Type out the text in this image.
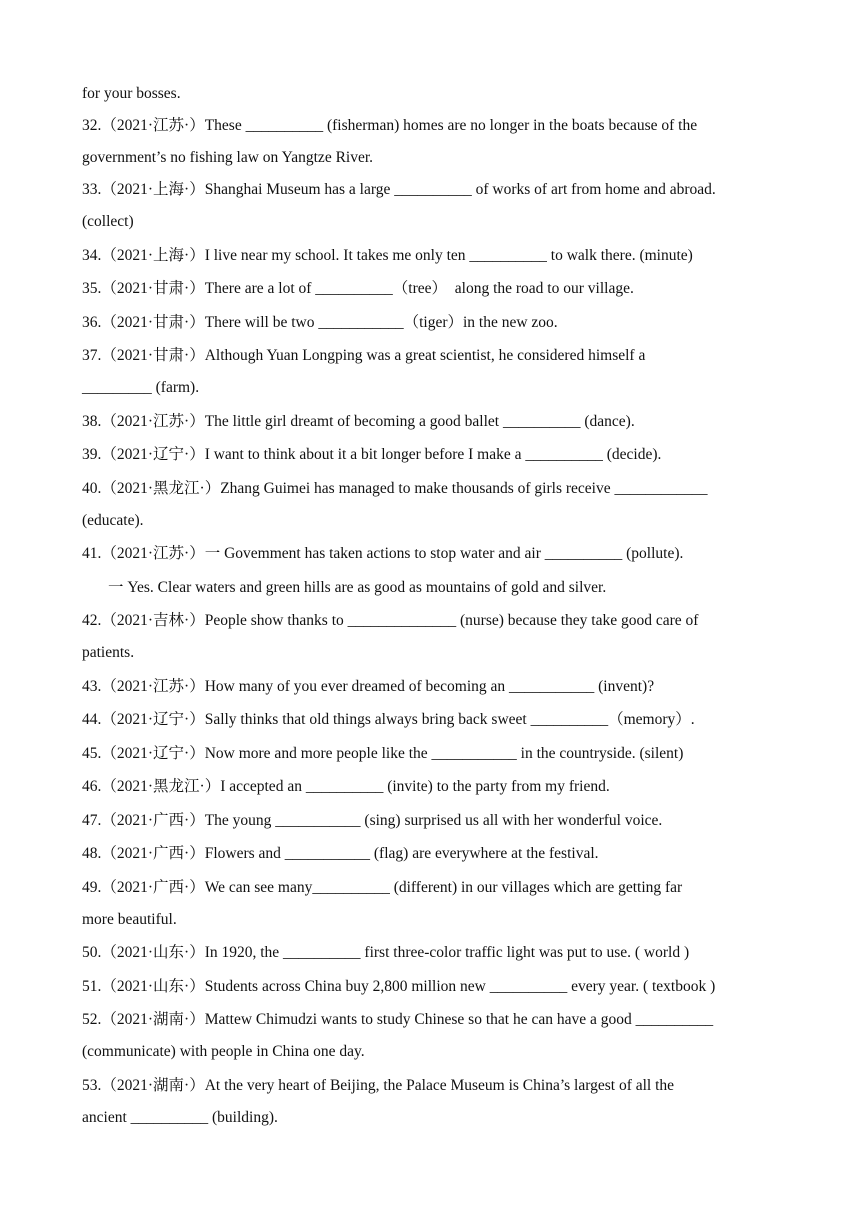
for your bosses.
32.（2021·江苏·）These __________ (fisherman) homes are no longer in the boats because of the
government’s no fishing law on Yangtze River.
33.（2021·上海·）Shanghai Museum has a large __________ of works of art from home and abroad.
(collect)
34.（2021·上海·）I live near my school. It takes me only ten __________ to walk there. (minute)
35.（2021·甘肃·）There are a lot of __________（tree）  along the road to our village.
36.（2021·甘肃·）There will be two ___________（tiger）in the new zoo.
37.（2021·甘肃·）Although Yuan Longping was a great scientist, he considered himself a
_________ (farm).
38.（2021·江苏·）The little girl dreamt of becoming a good ballet __________ (dance).
39.（2021·辽宁·）I want to think about it a bit longer before I make a __________ (decide).
40.（2021·黑龙江·）Zhang Guimei has managed to make thousands of girls receive ____________
(educate).
41.（2021·江苏·）一 Govemment has taken actions to stop water and air __________ (pollute).
一 Yes. Clear waters and green hills are as good as mountains of gold and silver.
42.（2021·吉林·）People show thanks to ______________ (nurse) because they take good care of
patients.
43.（2021·江苏·）How many of you ever dreamed of becoming an ___________ (invent)?
44.（2021·辽宁·）Sally thinks that old things always bring back sweet __________（memory）.
45.（2021·辽宁·）Now more and more people like the ___________ in the countryside. (silent)
46.（2021·黑龙江·）I accepted an __________ (invite) to the party from my friend.
47.（2021·广西·）The young ___________ (sing) surprised us all with her wonderful voice.
48.（2021·广西·）Flowers and ___________ (flag) are everywhere at the festival.
49.（2021·广西·）We can see many__________ (different) in our villages which are getting far
more beautiful.
50.（2021·山东·）In 1920, the __________ first three-color traffic light was put to use. ( world )
51.（2021·山东·）Students across China buy 2,800 million new __________ every year. ( textbook )
52.（2021·湖南·）Mattew Chimudzi wants to study Chinese so that he can have a good __________
(communicate) with people in China one day.
53.（2021·湖南·）At the very heart of Beijing, the Palace Museum is China’s largest of all the
ancient __________ (building).
